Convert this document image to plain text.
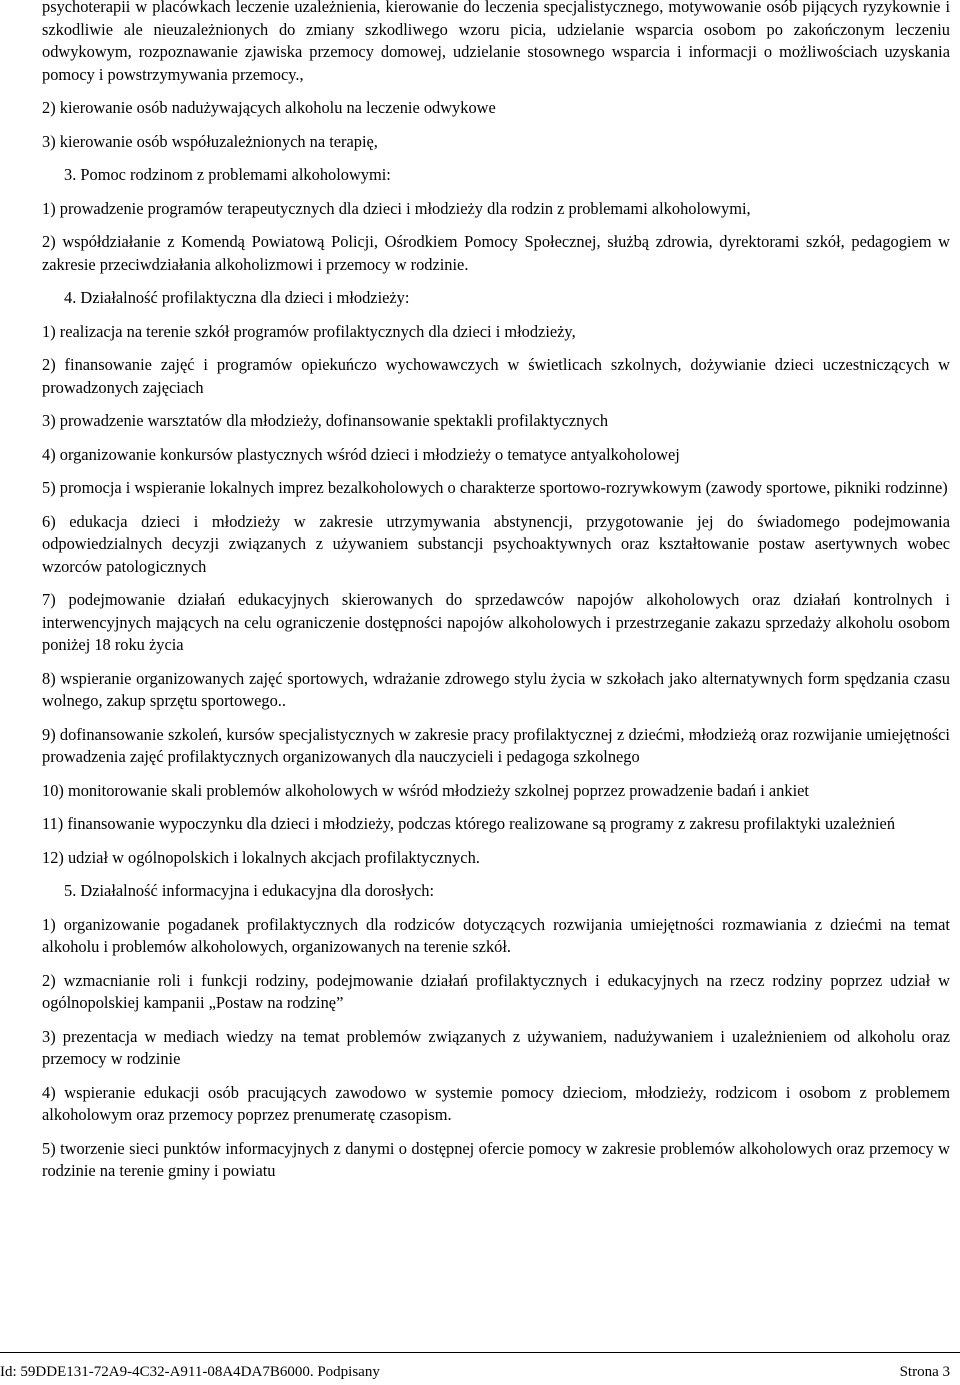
psychoterapii w placówkach leczenie uzależnienia, kierowanie do leczenia specjalistycznego, motywowanie osób pijących ryzykownie i szkodliwie ale nieuzależnionych do zmiany szkodliwego wzoru picia, udzielanie wsparcia osobom po zakończonym leczeniu odwykowym, rozpoznawanie zjawiska przemocy domowej, udzielanie stosownego wsparcia i informacji o możliwościach uzyskania pomocy i powstrzymywania przemocy.,

2) kierowanie osób nadużywających alkoholu na leczenie odwykowe

3) kierowanie osób współuzależnionych na terapię,

3. Pomoc rodzinom z problemami alkoholowymi:

1) prowadzenie programów terapeutycznych dla dzieci i młodzieży dla rodzin z problemami alkoholowymi,

2) współdziałanie z Komendą Powiatową Policji, Ośrodkiem Pomocy Społecznej, służbą zdrowia, dyrektorami szkół, pedagogiem w zakresie przeciwdziałania alkoholizmowi i przemocy w rodzinie.

4. Działalność profilaktyczna dla dzieci i młodzieży:

1) realizacja na terenie szkół programów profilaktycznych dla dzieci i młodzieży,

2) finansowanie zajęć i programów opiekuńczo wychowawczych w świetlicach szkolnych, dożywianie dzieci uczestniczących w prowadzonych zajęciach

3) prowadzenie warsztatów dla młodzieży, dofinansowanie spektakli profilaktycznych

4) organizowanie konkursów plastycznych wśród dzieci i młodzieży o tematyce antyalkoholowej

5) promocja i wspieranie lokalnych imprez bezalkoholowych o charakterze sportowo-rozrywkowym (zawody sportowe, pikniki rodzinne)

6) edukacja dzieci i młodzieży w zakresie utrzymywania abstynencji, przygotowanie jej do świadomego podejmowania odpowiedzialnych decyzji związanych z używaniem substancji psychoaktywnych oraz kształtowanie postaw asertywnych wobec wzorców patologicznych

7) podejmowanie działań edukacyjnych skierowanych do sprzedawców napojów alkoholowych oraz działań kontrolnych i interwencyjnych mających na celu ograniczenie dostępności napojów alkoholowych i przestrzeganie zakazu sprzedaży alkoholu osobom poniżej 18 roku życia

8) wspieranie organizowanych zajęć sportowych, wdrażanie zdrowego stylu życia w szkołach jako alternatywnych form spędzania czasu wolnego, zakup sprzętu sportowego..

9) dofinansowanie szkoleń, kursów specjalistycznych w zakresie pracy profilaktycznej z dziećmi, młodzieżą oraz rozwijanie umiejętności prowadzenia zajęć profilaktycznych organizowanych dla nauczycieli i pedagoga szkolnego

10) monitorowanie skali problemów alkoholowych w wśród młodzieży szkolnej poprzez prowadzenie badań i ankiet

11) finansowanie wypoczynku dla dzieci i młodzieży, podczas którego realizowane są programy z zakresu profilaktyki uzależnień

12) udział w ogólnopolskich i lokalnych akcjach profilaktycznych.

5. Działalność informacyjna i edukacyjna dla dorosłych:

1) organizowanie pogadanek profilaktycznych dla rodziców dotyczących rozwijania umiejętności rozmawiania z dziećmi na temat alkoholu i problemów alkoholowych, organizowanych na terenie szkół.

2) wzmacnianie roli i funkcji rodziny, podejmowanie działań profilaktycznych i edukacyjnych na rzecz rodziny poprzez udział w ogólnopolskiej kampanii „Postaw na rodzinę”

3) prezentacja w mediach wiedzy na temat problemów związanych z używaniem, nadużywaniem i uzależnieniem od alkoholu oraz przemocy w rodzinie

4) wspieranie edukacji osób pracujących zawodowo w systemie pomocy dzieciom, młodzieży, rodzicom i osobom z problemem alkoholowym oraz przemocy poprzez prenumeratę czasopism.

5) tworzenie sieci punktów informacyjnych z danymi o dostępnej ofercie pomocy w zakresie problemów alkoholowych oraz przemocy w rodzinie na terenie gminy i powiatu

Id: 59DDE131-72A9-4C32-A911-08A4DA7B6000. Podpisany	Strona 3
